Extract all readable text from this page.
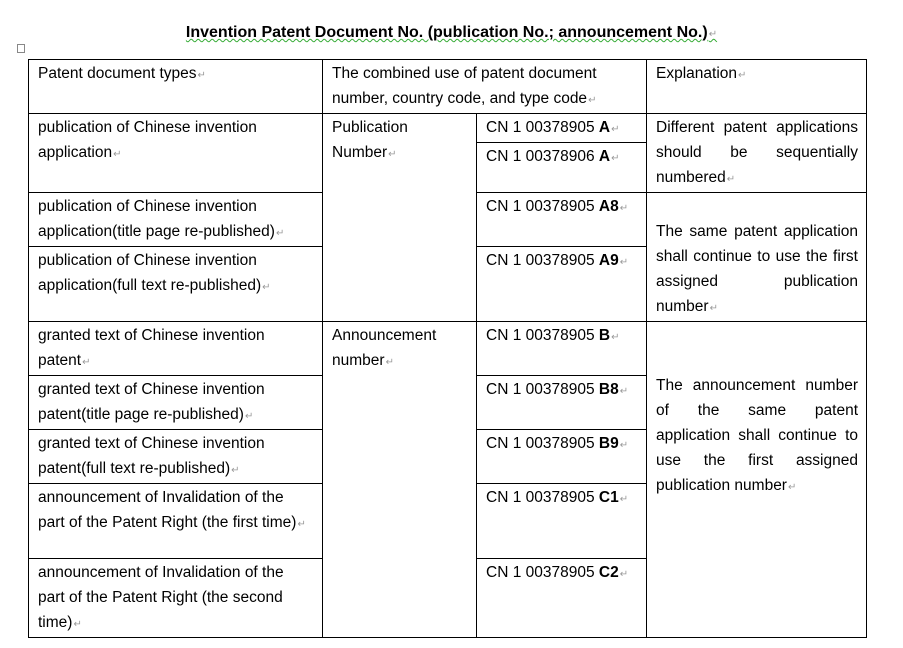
Invention Patent Document No. (publication No.; announcement No.) ↵
Patent document types ↵	The combined use of patent document number, country code, and type code ↵		Explanation ↵
publication of Chinese invention application ↵	Publication Number ↵	CN 1 00378905 A ↵	Different patent applications should be sequentially numbered ↵
		CN 1 00378906 A ↵
publication of Chinese invention application(title page re-published) ↵		CN 1 00378905 A8 ↵	The same patent application shall continue to use the first assigned publication number ↵
publication of Chinese invention application(full text re-published) ↵		CN 1 00378905 A9 ↵
granted text of Chinese invention patent ↵	Announcement number ↵	CN 1 00378905 B ↵	The announcement number of the same patent application shall continue to use the first assigned publication number ↵
granted text of Chinese invention patent(title page re-published) ↵		CN 1 00378905 B8 ↵
granted text of Chinese invention patent(full text re-published) ↵		CN 1 00378905 B9 ↵
announcement of Invalidation of the part of the Patent Right (the first time) ↵		CN 1 00378905 C1 ↵
announcement of Invalidation of the part of the Patent Right (the second time) ↵		CN 1 00378905 C2 ↵
